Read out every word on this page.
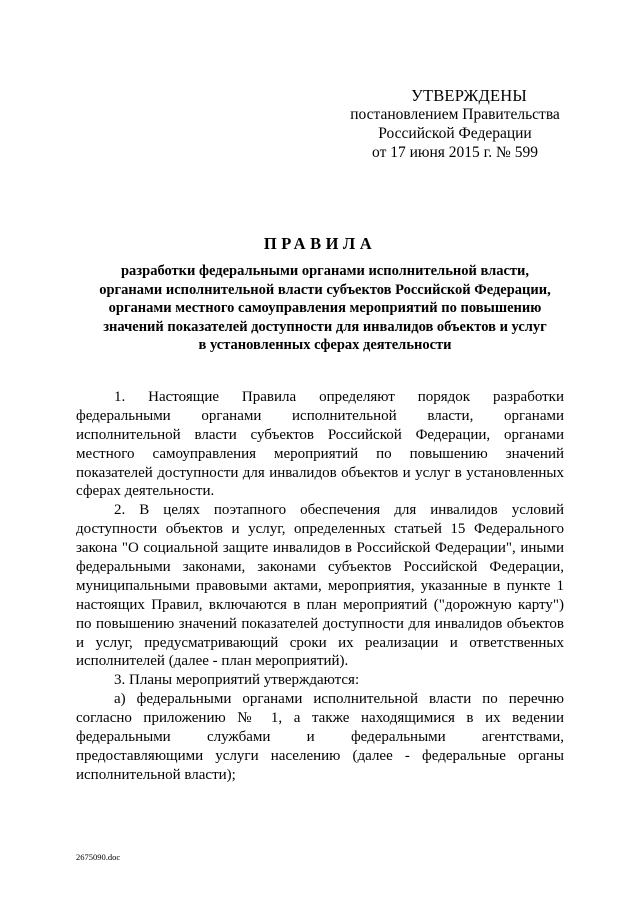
УТВЕРЖДЕНЫ
постановлением Правительства
Российской Федерации
от 17 июня 2015 г. № 599
ПРАВИЛА
разработки федеральными органами исполнительной власти,
органами исполнительной власти субъектов Российской Федерации,
органами местного самоуправления мероприятий по повышению
значений показателей доступности для инвалидов объектов и услуг
в установленных сферах деятельности
1. Настоящие Правила определяют порядок разработки
федеральными органами исполнительной власти, органами
исполнительной власти субъектов Российской Федерации, органами
местного самоуправления мероприятий по повышению значений
показателей доступности для инвалидов объектов и услуг в установленных
сферах деятельности.
2. В целях поэтапного обеспечения для инвалидов условий
доступности объектов и услуг, определенных статьей 15 Федерального
закона "О социальной защите инвалидов в Российской Федерации", иными
федеральными законами, законами субъектов Российской Федерации,
муниципальными правовыми актами, мероприятия, указанные в пункте 1
настоящих Правил, включаются в план мероприятий ("дорожную карту")
по повышению значений показателей доступности для инвалидов объектов
и услуг, предусматривающий сроки их реализации и ответственных
исполнителей (далее - план мероприятий).
3. Планы мероприятий утверждаются:
а) федеральными органами исполнительной власти по перечню
согласно приложению № 1, а также находящимися в их ведении
федеральными службами и федеральными агентствами,
предоставляющими услуги населению (далее - федеральные органы
исполнительной власти);
2675090.doc
